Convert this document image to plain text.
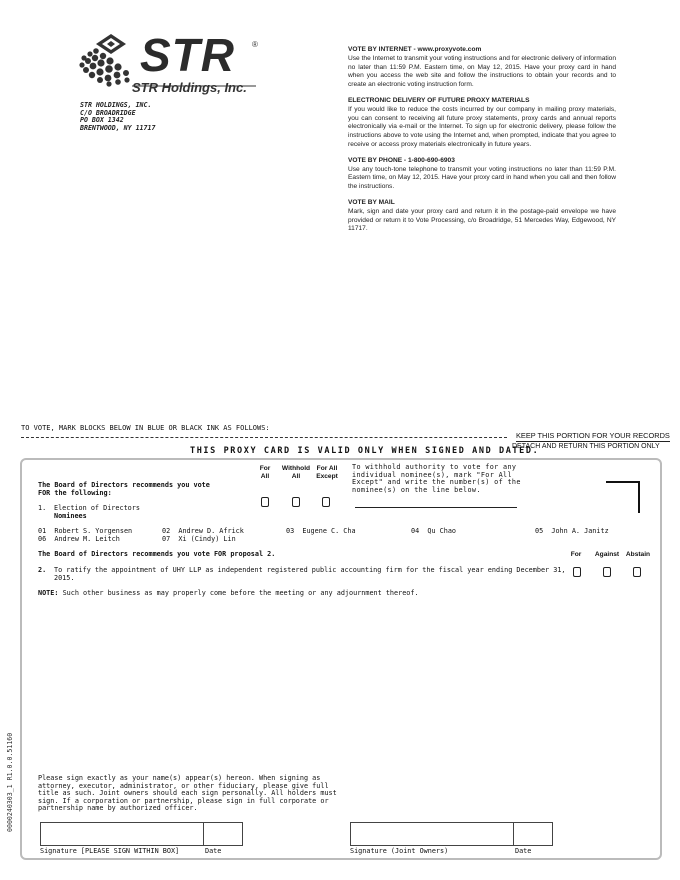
STR ®
STR Holdings, Inc.
STR HOLDINGS, INC.
C/O BROADRIDGE
PO BOX 1342
BRENTWOOD, NY 11717
VOTE BY INTERNET - www.proxyvote.com
Use the Internet to transmit your voting instructions and for electronic delivery of information no later than 11:59 P.M. Eastern time, on May 12, 2015. Have your proxy card in hand when you access the web site and follow the instructions to obtain your records and to create an electronic voting instruction form.
ELECTRONIC DELIVERY OF FUTURE PROXY MATERIALS
If you would like to reduce the costs incurred by our company in mailing proxy materials, you can consent to receiving all future proxy statements, proxy cards and annual reports electronically via e-mail or the Internet. To sign up for electronic delivery, please follow the instructions above to vote using the Internet and, when prompted, indicate that you agree to receive or access proxy materials electronically in future years.
VOTE BY PHONE - 1-800-690-6903
Use any touch-tone telephone to transmit your voting instructions no later than 11:59 P.M. Eastern time, on May 12, 2015. Have your proxy card in hand when you call and then follow the instructions.
VOTE BY MAIL
Mark, sign and date your proxy card and return it in the postage-paid envelope we have provided or return it to Vote Processing, c/o Broadridge, 51 Mercedes Way, Edgewood, NY 11717.
TO VOTE, MARK BLOCKS BELOW IN BLUE OR BLACK INK AS FOLLOWS:
KEEP THIS PORTION FOR YOUR RECORDS
DETACH AND RETURN THIS PORTION ONLY
THIS PROXY CARD IS VALID ONLY WHEN SIGNED AND DATED.
The Board of Directors recommends you vote
FOR the following:
For
All
Withhold
All
For All
Except
To withhold authority to vote for any
individual nominee(s), mark "For All
Except" and write the number(s) of the
nominee(s) on the line below.
1. Election of Directors
Nominees
01 Robert S. Yorgensen	02 Andrew D. Africk	03 Eugene C. Cha	04 Qu Chao	05 John A. Janitz
06 Andrew M. Leitch	07 Xi (Cindy) Lin
The Board of Directors recommends you vote FOR proposal 2.	For	Against	Abstain
2. To ratify the appointment of UHY LLP as independent registered public accounting firm for the fiscal year ending December 31,
2015.
NOTE: Such other business as may properly come before the meeting or any adjournment thereof.
Please sign exactly as your name(s) appear(s) hereon. When signing as
attorney, executor, administrator, or other fiduciary, please give full
title as such. Joint owners should each sign personally. All holders must
sign. If a corporation or partnership, please sign in full corporate or
partnership name by authorized officer.
Signature [PLEASE SIGN WITHIN BOX]	Date	Signature (Joint Owners)	Date
0000240303_1 R1.0.0.51160
